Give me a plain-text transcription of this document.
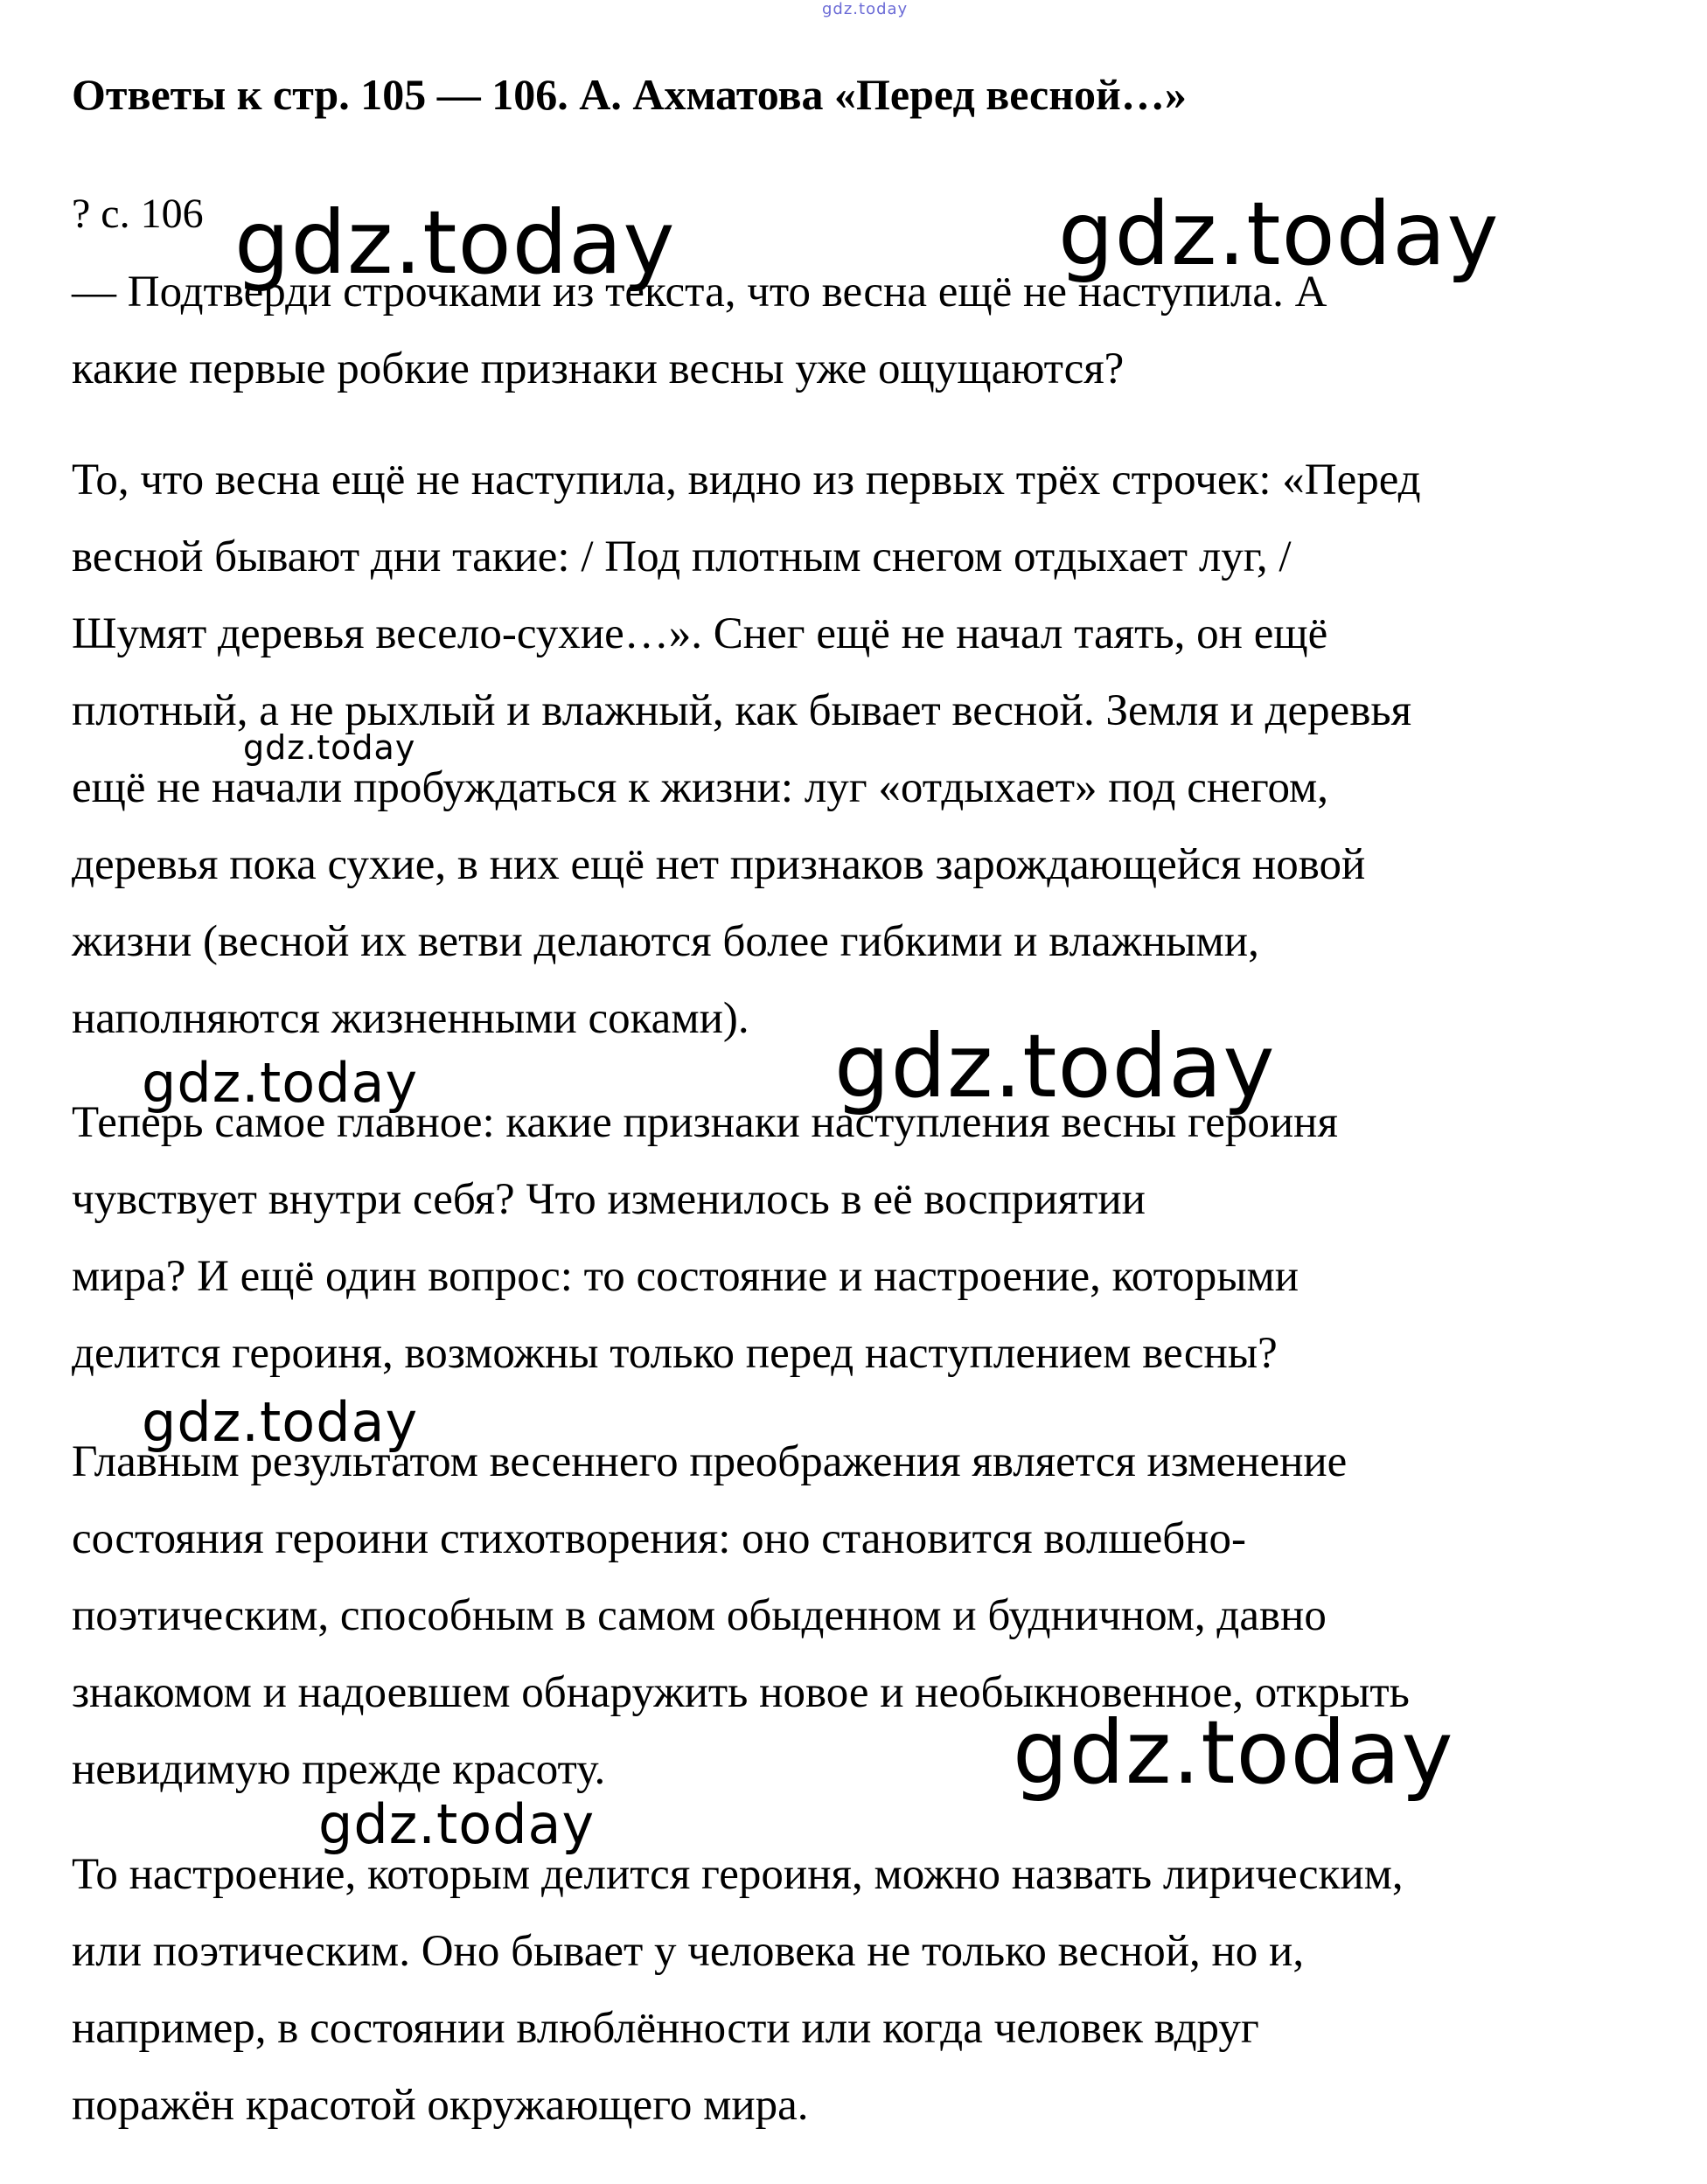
gdz.today
Ответы к стр. 105 — 106. А. Ахматова «Перед весной…»
? с. 106

— Подтверди строчками из текста, что весна ещё не наступила. А
какие первые робкие признаки весны уже ощущаются?

То, что весна ещё не наступила, видно из первых трёх строчек: «Перед
весной бывают дни такие: / Под плотным снегом отдыхает луг, /
Шумят деревья весело-сухие…». Снег ещё не начал таять, он ещё
плотный, а не рыхлый и влажный, как бывает весной. Земля и деревья
ещё не начали пробуждаться к жизни: луг «отдыхает» под снегом,
деревья пока сухие, в них ещё нет признаков зарождающейся новой
жизни (весной их ветви делаются более гибкими и влажными,
наполняются жизненными соками).

Теперь самое главное: какие признаки наступления весны героиня
чувствует внутри себя? Что изменилось в её восприятии
мира? И ещё один вопрос: то состояние и настроение, которыми
делится героиня, возможны только перед наступлением весны?

Главным результатом весеннего преображения является изменение
состояния героини стихотворения: оно становится волшебно-
поэтическим, способным в самом обыденном и будничном, давно
знакомом и надоевшем обнаружить новое и необыкновенное, открыть
невидимую прежде красоту.

То настроение, которым делится героиня, можно назвать лирическим,
или поэтическим. Оно бывает у человека не только весной, но и,
например, в состоянии влюблённости или когда человек вдруг
поражён красотой окружающего мира.

gdz.today	gdz.today
gdz.today
gdz.today	gdz.today
gdz.today
gdz.today
gdz.today
